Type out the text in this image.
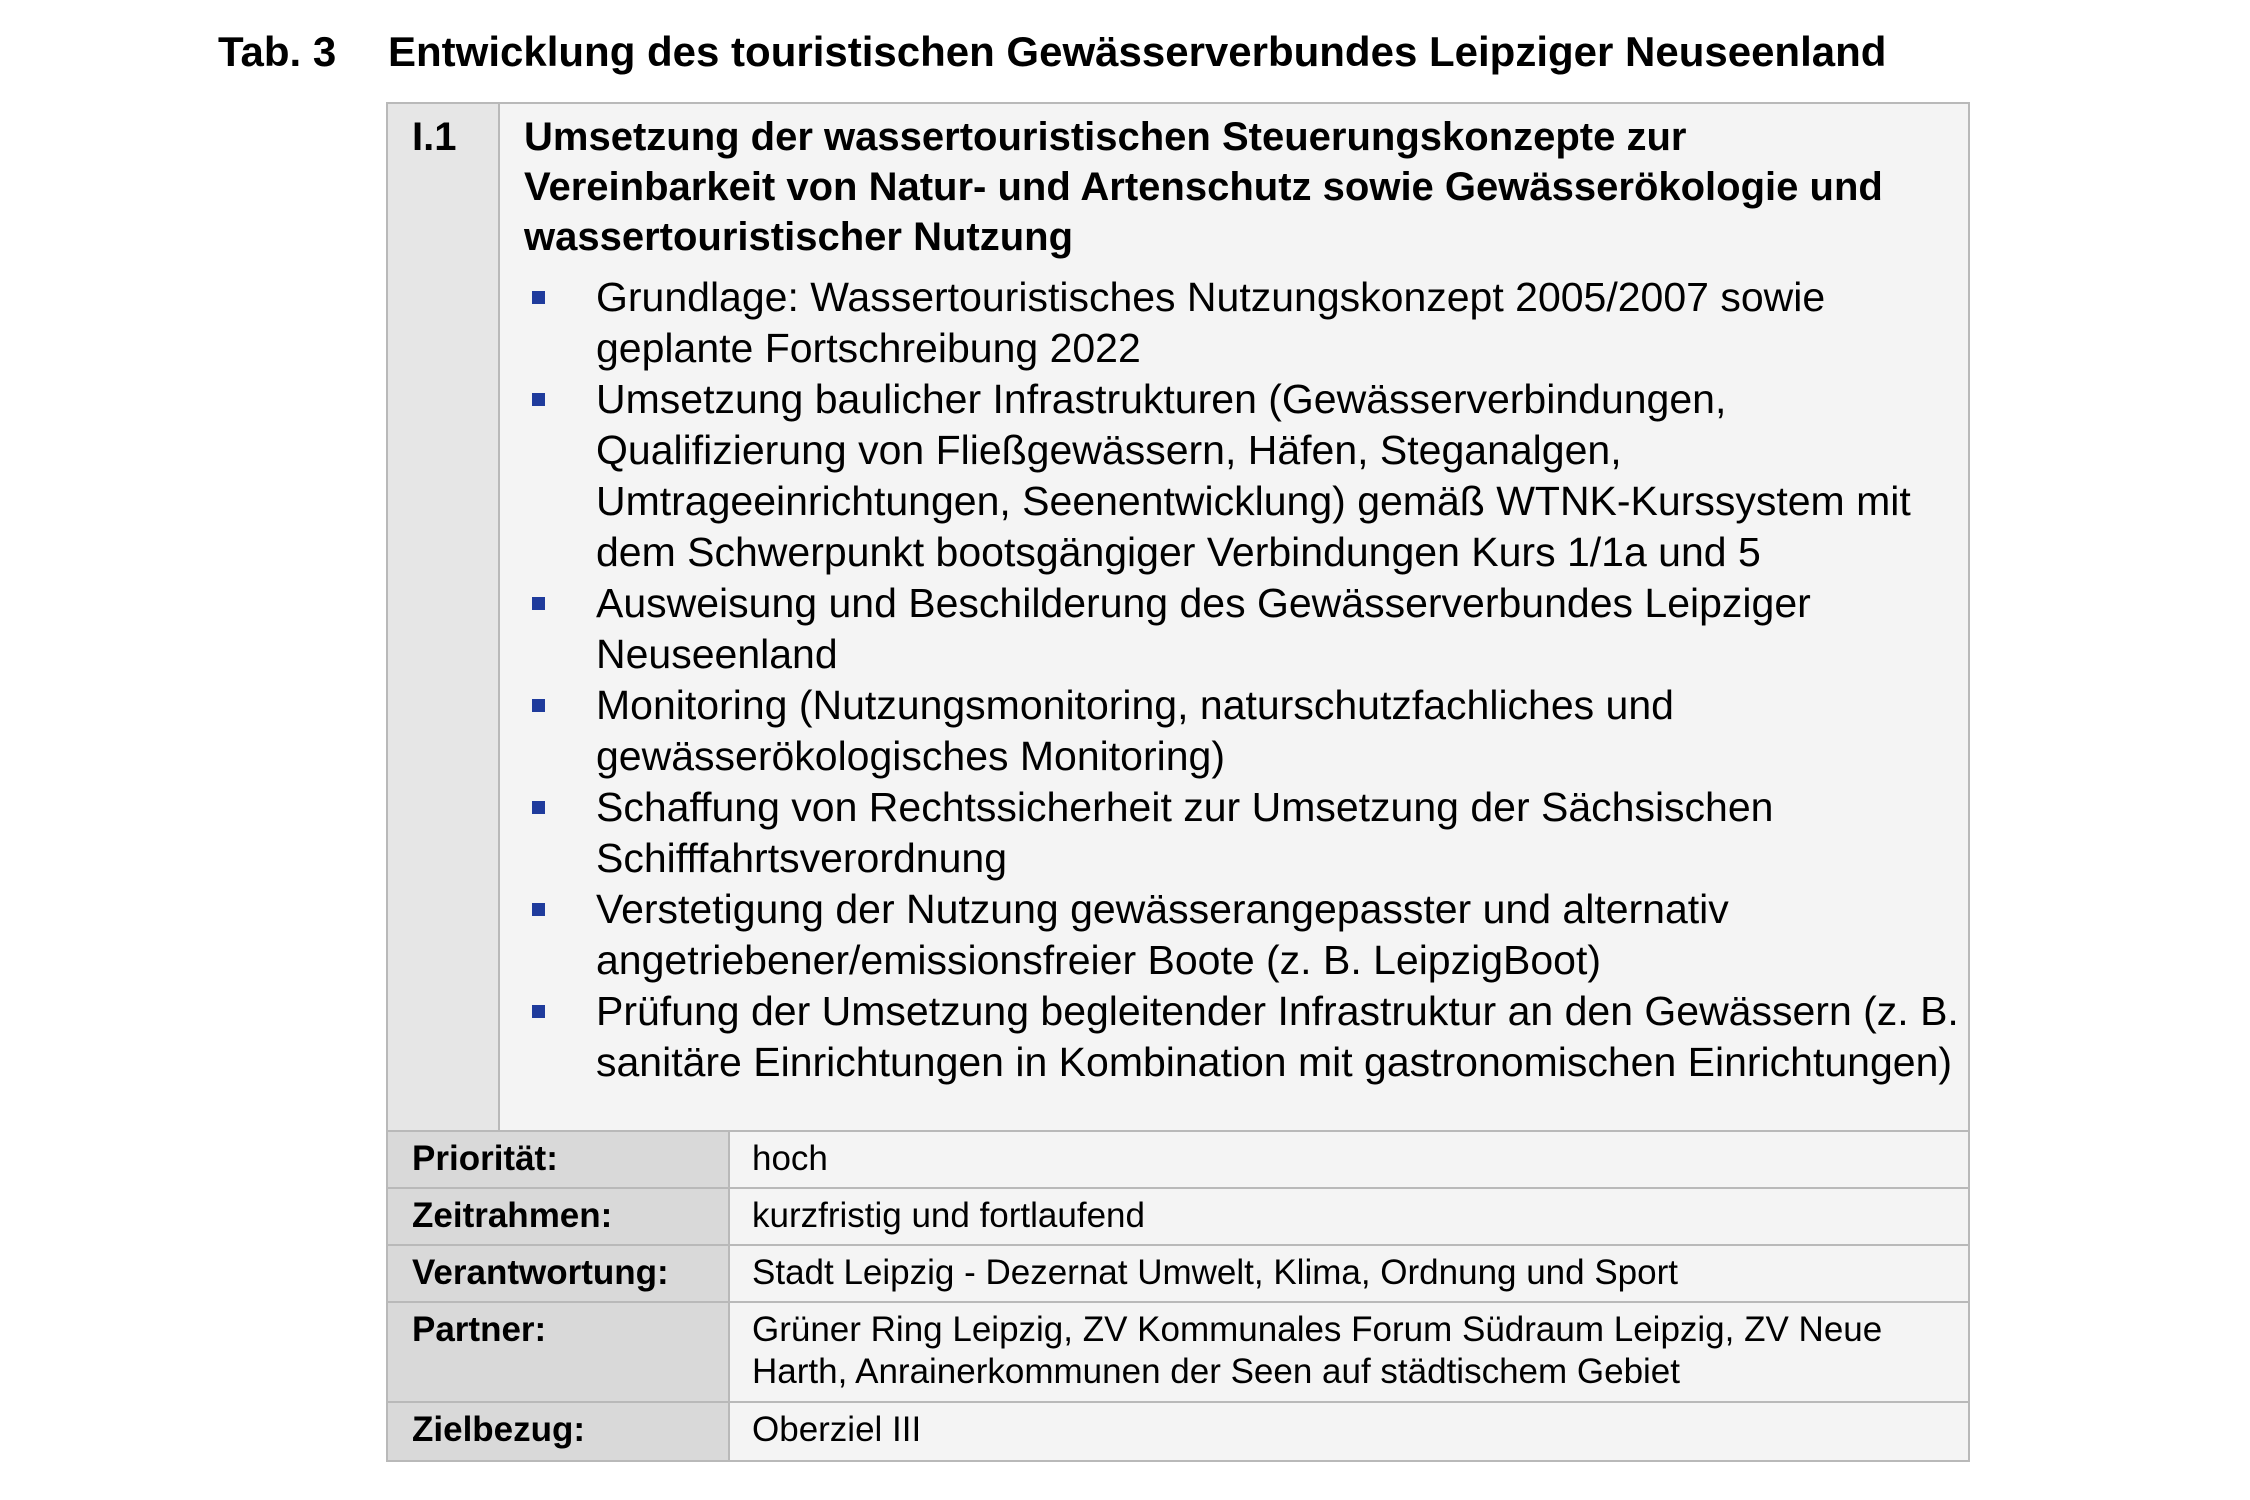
Tab. 3 Entwicklung des touristischen Gewässerverbundes Leipziger Neuseenland
I.1	Umsetzung der wassertouristischen Steuerungskonzepte zur Vereinbarkeit von Natur- und Artenschutz sowie Gewässerökologie und wassertouristischer Nutzung
Grundlage: Wassertouristisches Nutzungskonzept 2005/2007 sowie geplante Fortschreibung 2022
Umsetzung baulicher Infrastrukturen (Gewässerverbindungen, Qualifizierung von Fließgewässern, Häfen, Steganalgen, Umtrageeinrichtungen, Seenentwicklung) gemäß WTNK-Kurssystem mit dem Schwerpunkt bootsgängiger Verbindungen Kurs 1/1a und 5
Ausweisung und Beschilderung des Gewässerverbundes Leipziger Neuseenland
Monitoring (Nutzungsmonitoring, naturschutzfachliches und gewässerökologisches Monitoring)
Schaffung von Rechtssicherheit zur Umsetzung der Sächsischen Schifffahrtsverordnung
Verstetigung der Nutzung gewässerangepasster und alternativ angetriebener/emissionsfreier Boote (z. B. LeipzigBoot)
Prüfung der Umsetzung begleitender Infrastruktur an den Gewässern (z. B. sanitäre Einrichtungen in Kombination mit gastronomischen Einrichtungen)
Priorität:	hoch
Zeitrahmen:	kurzfristig und fortlaufend
Verantwortung:	Stadt Leipzig - Dezernat Umwelt, Klima, Ordnung und Sport
Partner:	Grüner Ring Leipzig, ZV Kommunales Forum Südraum Leipzig, ZV Neue Harth, Anrainerkommunen der Seen auf städtischem Gebiet
Zielbezug:	Oberziel III
